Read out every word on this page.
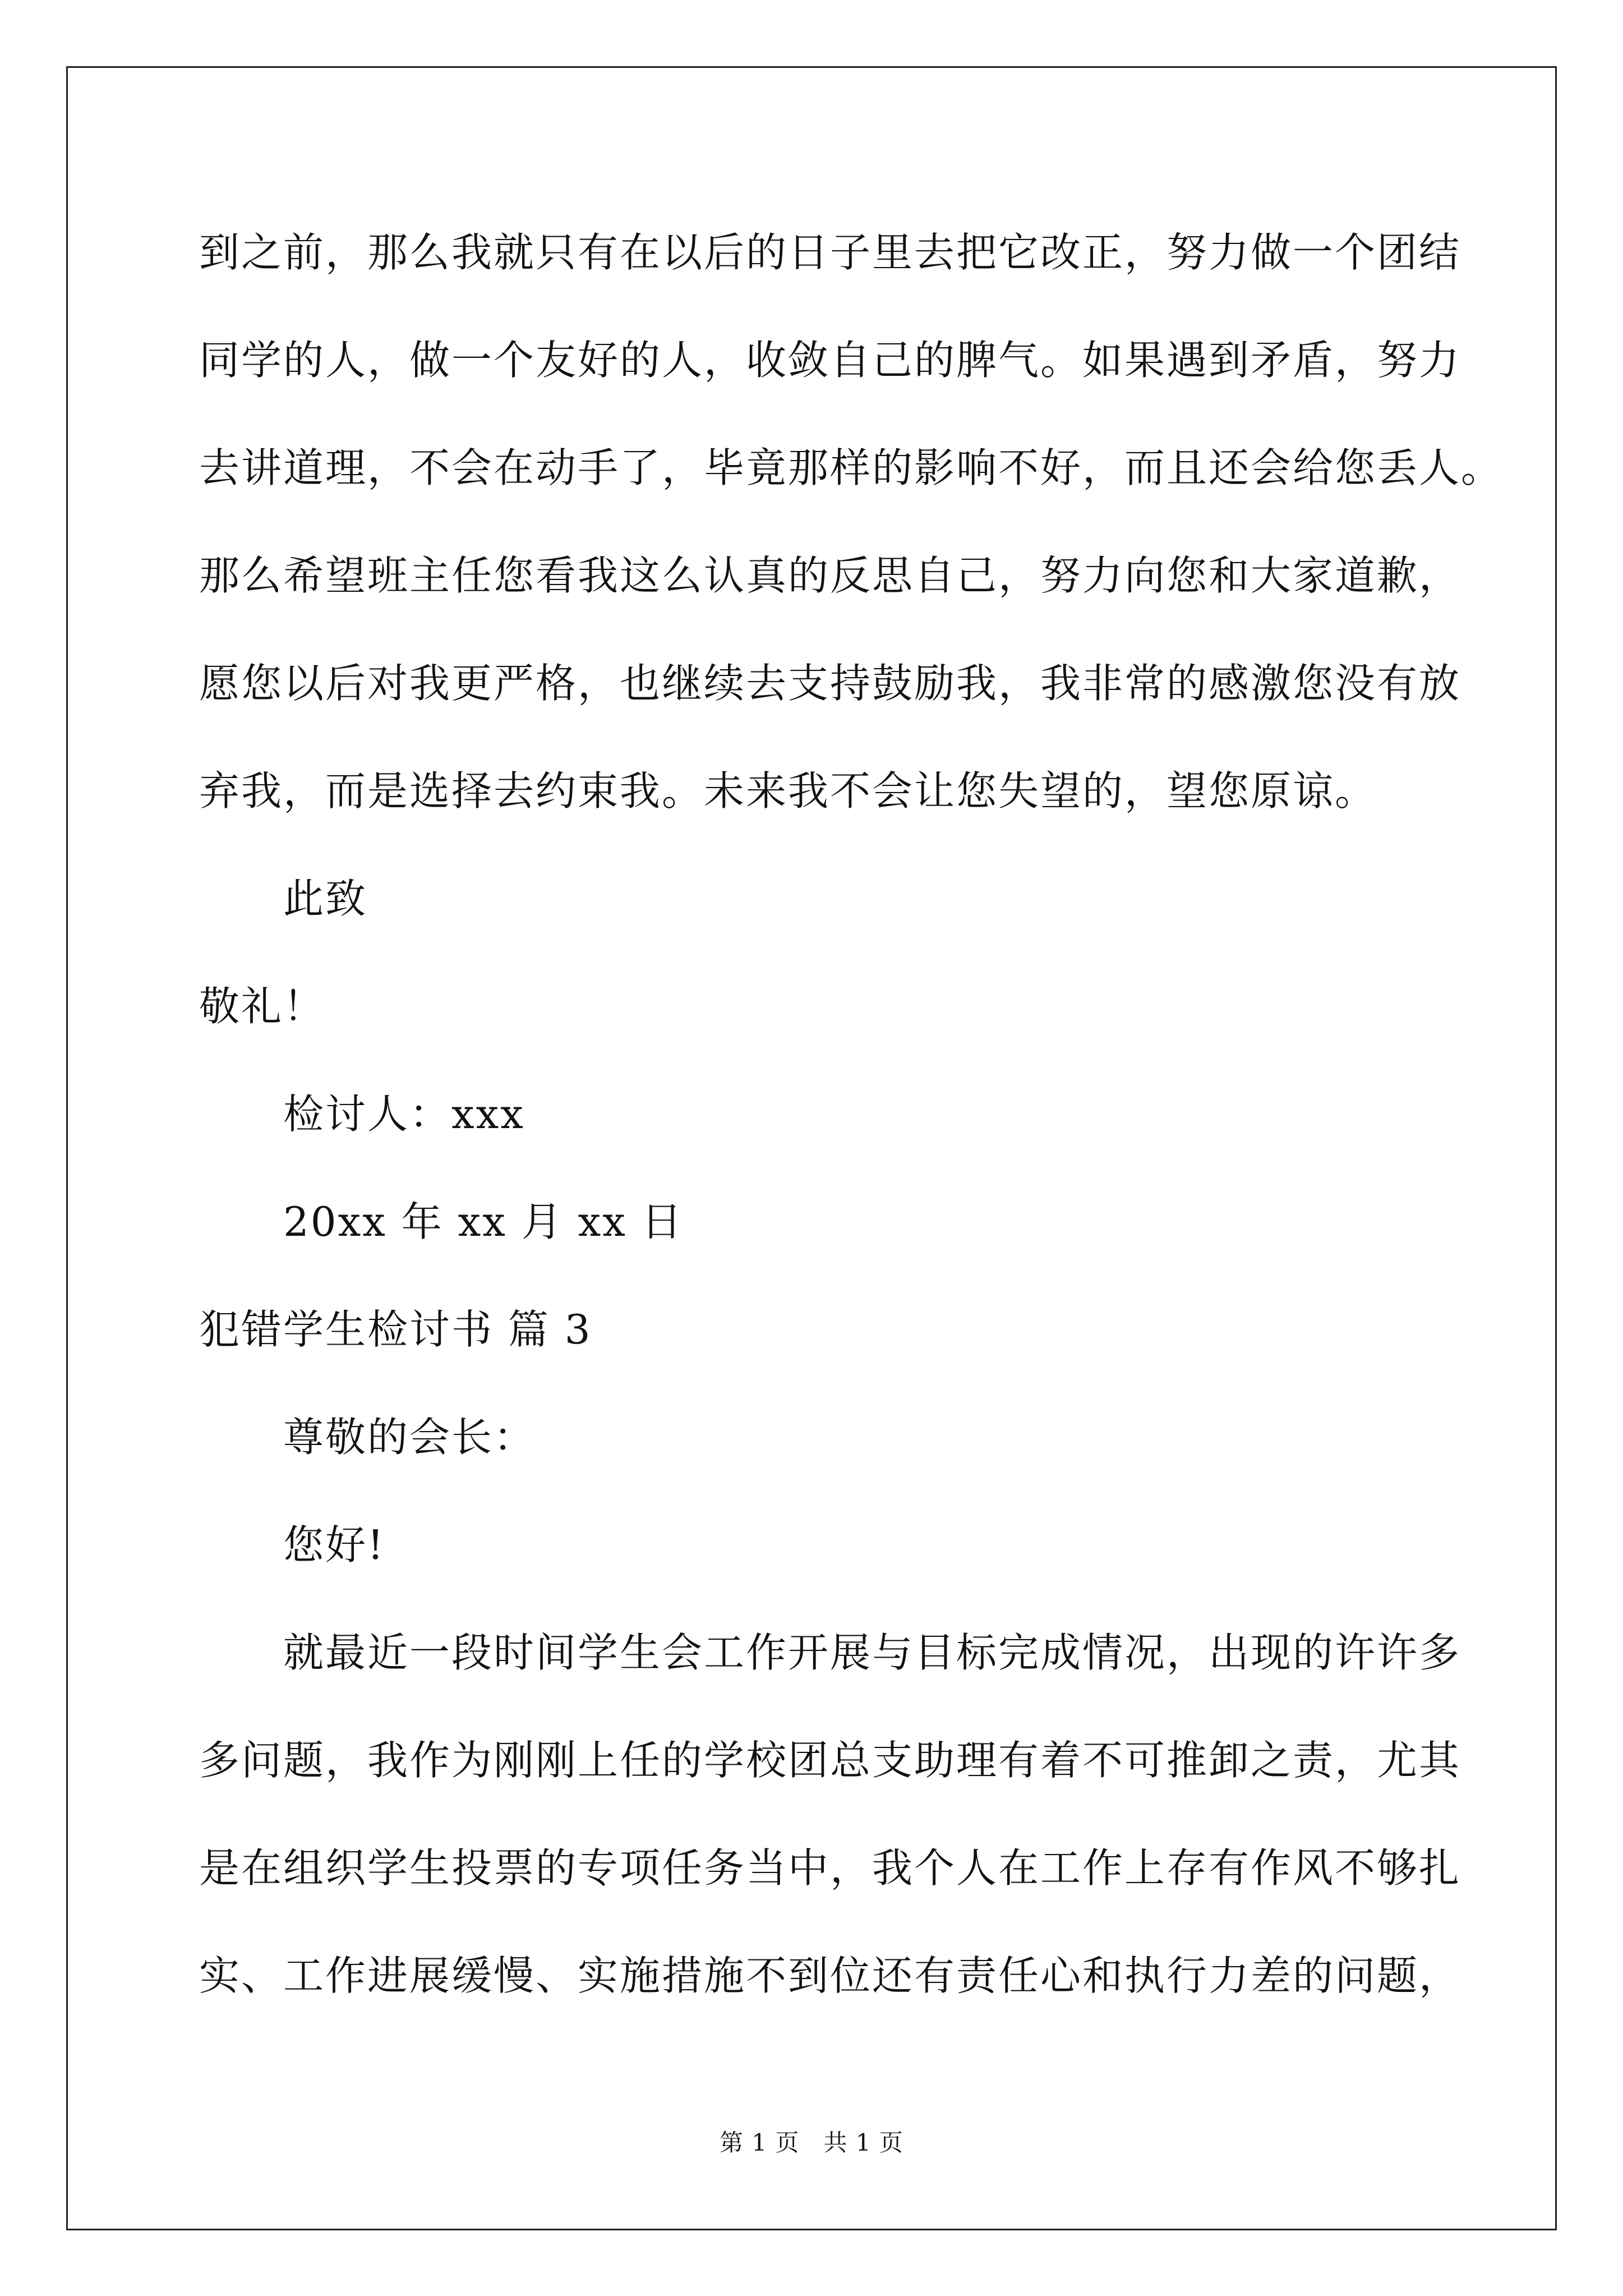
到之前，那么我就只有在以后的日子里去把它改正，努力做一个团结
同学的人，做一个友好的人，收敛自己的脾气。如果遇到矛盾，努力
去讲道理，不会在动手了，毕竟那样的影响不好，而且还会给您丢人。
那么希望班主任您看我这么认真的反思自己，努力向您和大家道歉，
愿您以后对我更严格，也继续去支持鼓励我，我非常的感激您没有放
弃我，而是选择去约束我。未来我不会让您失望的，望您原谅。
此致
敬礼！
检讨人：xxx
20xx 年 xx 月 xx 日
犯错学生检讨书 篇 3
尊敬的会长：
您好!
就最近一段时间学生会工作开展与目标完成情况，出现的许许多
多问题，我作为刚刚上任的学校团总支助理有着不可推卸之责，尤其
是在组织学生投票的专项任务当中，我个人在工作上存有作风不够扎
实、工作进展缓慢、实施措施不到位还有责任心和执行力差的问题，
第 1 页　共 1 页
